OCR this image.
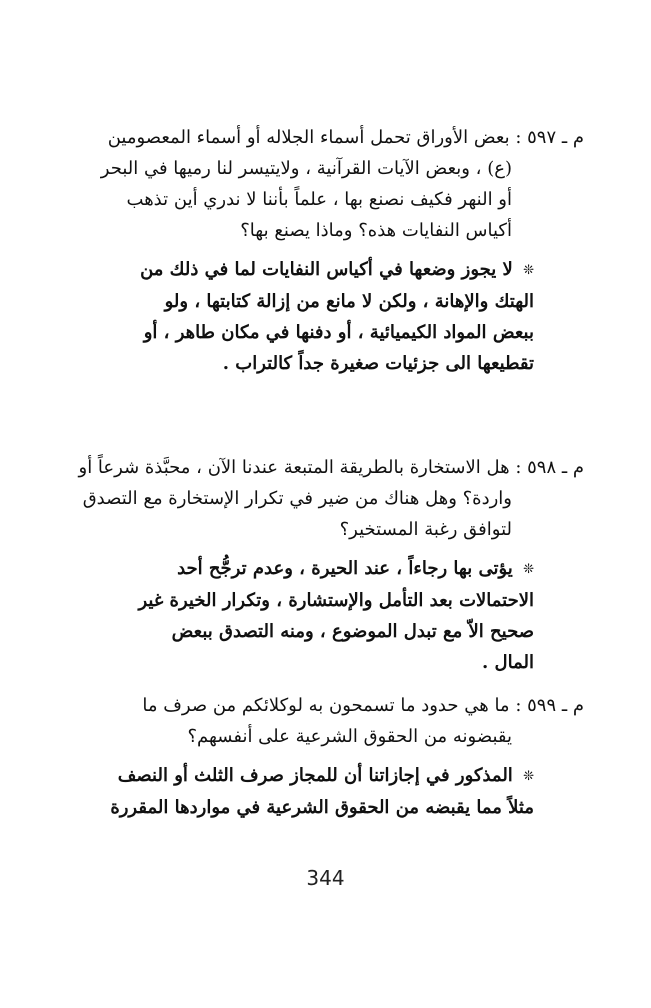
م ـ ٥٩٧ : بعض الأوراق تحمل أسماء الجلاله أو أسماء المعصومين
(ع) ، وبعض الآيات القرآنية ، ولايتيسر لنا رميها في البحر
أو النهر فكيف نصنع بها ، علماً بأننا لا ندري أين تذهب
أكياس النفايات هذه؟ وماذا يصنع بها؟
❊ لا يجوز وضعها في أكياس النفايات لما في ذلك من
الهتك والإهانة ، ولكن لا مانع من إزالة كتابتها ، ولو
ببعض المواد الكيميائية ، أو دفنها في مكان طاهر ، أو
تقطيعها الى جزئيات صغيرة جداً كالتراب .
م ـ ٥٩٨ : هل الاستخارة بالطريقة المتبعة عندنا الآن ، محبَّذة شرعاً أو
واردة؟ وهل هناك من ضير في تكرار الإستخارة مع التصدق
لتوافق رغبة المستخير؟
❊ يؤتى بها رجاءاً ، عند الحيرة ، وعدم ترجُّح أحد
الاحتمالات بعد التأمل والإستشارة ، وتكرار الخيرة غير
صحيح الاّ مع تبدل الموضوع ، ومنه التصدق ببعض
المال .
م ـ ٥٩٩ : ما هي حدود ما تسمحون به لوكلائكم من صرف ما
يقبضونه من الحقوق الشرعية على أنفسهم؟
❊ المذكور في إجازاتنا أن للمجاز صرف الثلث أو النصف
مثلاً مما يقبضه من الحقوق الشرعية في مواردها المقررة
344
